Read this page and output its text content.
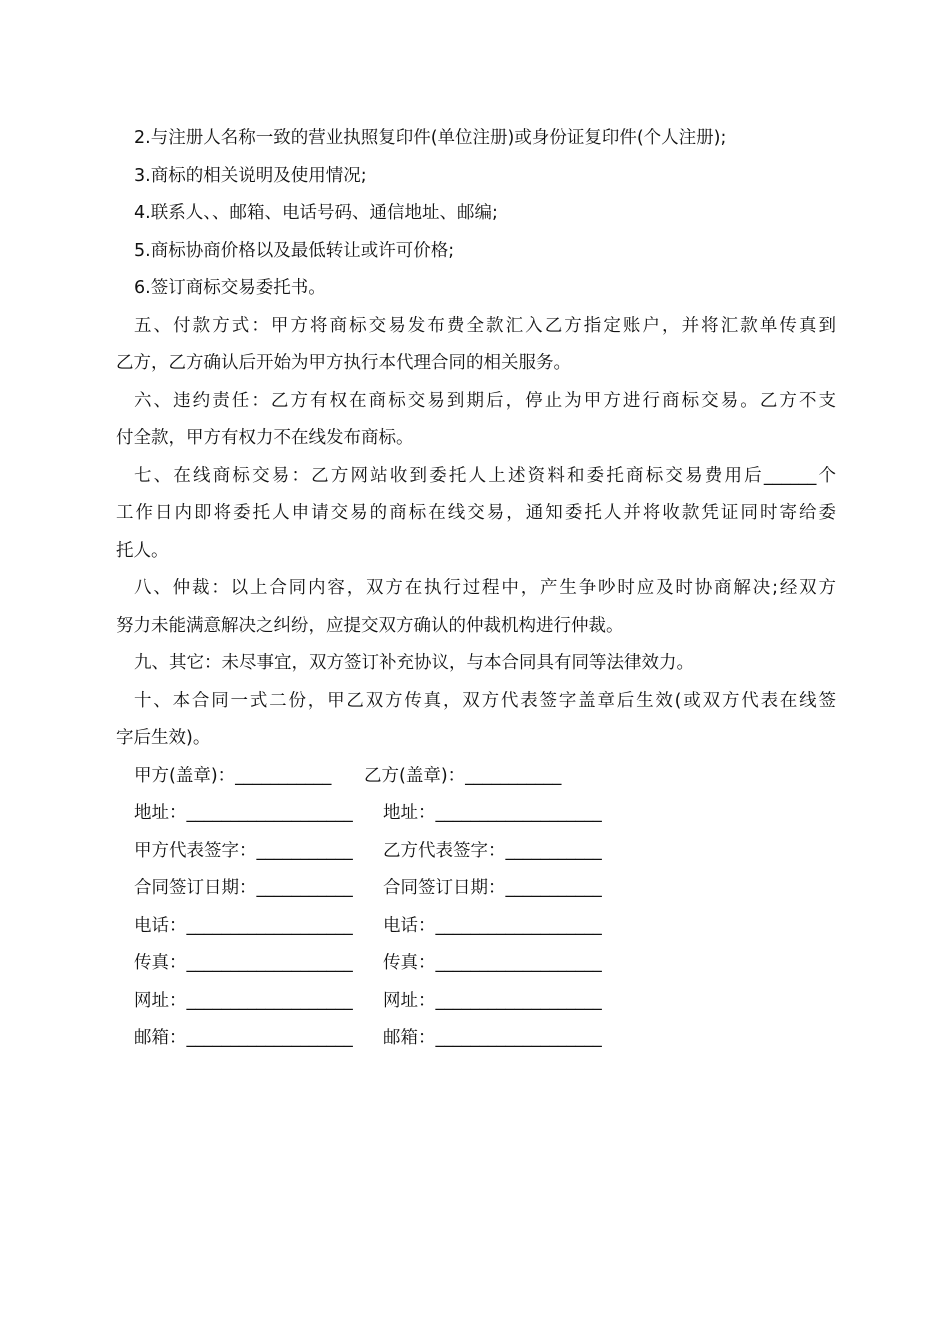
2.与注册人名称一致的营业执照复印件(单位注册)或身份证复印件(个人注册);
3.商标的相关说明及使用情况;
4.联系人、、邮箱、电话号码、通信地址、邮编;
5.商标协商价格以及最低转让或许可价格;
6.签订商标交易委托书。
五、付款方式：甲方将商标交易发布费全款汇入乙方指定账户，并将汇款单传真到
乙方，乙方确认后开始为甲方执行本代理合同的相关服务。
六、违约责任：乙方有权在商标交易到期后，停止为甲方进行商标交易。乙方不支
付全款，甲方有权力不在线发布商标。
七、在线商标交易：乙方网站收到委托人上述资料和委托商标交易费用后______个
工作日内即将委托人申请交易的商标在线交易，通知委托人并将收款凭证同时寄给委
托人。
八、仲裁：以上合同内容，双方在执行过程中，产生争吵时应及时协商解决;经双方
努力未能满意解决之纠纷，应提交双方确认的仲裁机构进行仲裁。
九、其它：未尽事宜，双方签订补充协议，与本合同具有同等法律效力。
十、本合同一式二份，甲乙双方传真，双方代表签字盖章后生效(或双方代表在线签
字后生效)。
甲方(盖章)：___________ 乙方(盖章)：___________
地址：___________________ 地址：___________________
甲方代表签字：___________ 乙方代表签字：___________
合同签订日期：___________ 合同签订日期：___________
电话：___________________ 电话：___________________
传真：___________________ 传真：___________________
网址：___________________ 网址：___________________
邮箱：___________________ 邮箱：___________________
